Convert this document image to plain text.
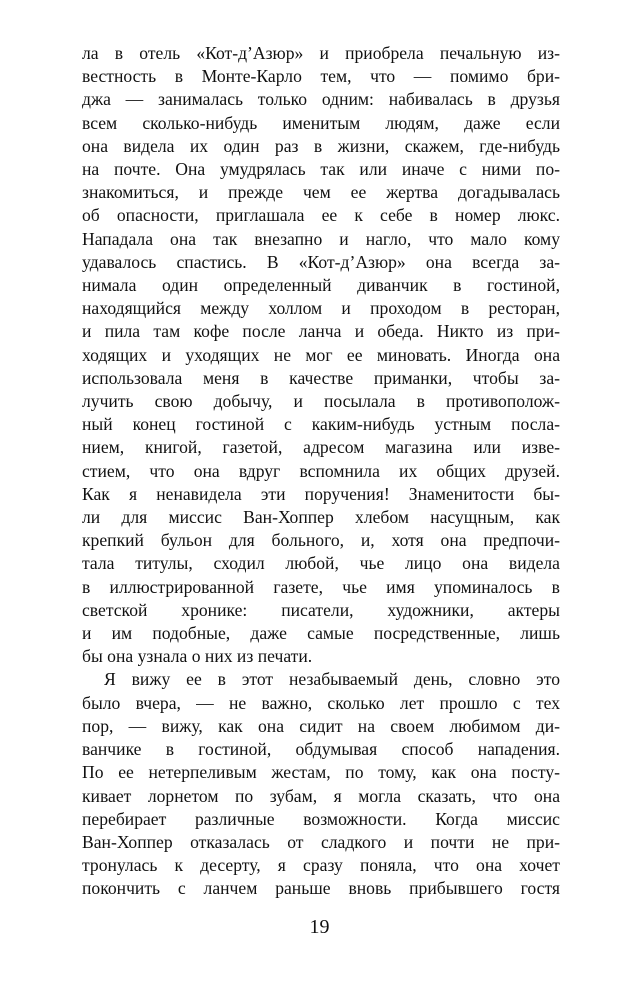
ла в отель «Кот-д’Азюр» и приобрела печальную из-
вестность в Монте-Карло тем, что — помимо бри-
джа — занималась только одним: набивалась в друзья
всем сколько-нибудь именитым людям, даже если
она видела их один раз в жизни, скажем, где-нибудь
на почте. Она умудрялась так или иначе с ними по-
знакомиться, и прежде чем ее жертва догадывалась
об опасности, приглашала ее к себе в номер люкс.
Нападала она так внезапно и нагло, что мало кому
удавалось спастись. В «Кот-д’Азюр» она всегда за-
нимала один определенный диванчик в гостиной,
находящийся между холлом и проходом в ресторан,
и пила там кофе после ланча и обеда. Никто из при-
ходящих и уходящих не мог ее миновать. Иногда она
использовала меня в качестве приманки, чтобы за-
лучить свою добычу, и посылала в противополож-
ный конец гостиной с каким-нибудь устным посла-
нием, книгой, газетой, адресом магазина или изве-
стием, что она вдруг вспомнила их общих друзей.
Как я ненавидела эти поручения! Знаменитости бы-
ли для миссис Ван-Хоппер хлебом насущным, как
крепкий бульон для больного, и, хотя она предпочи-
тала титулы, сходил любой, чье лицо она видела
в иллюстрированной газете, чье имя упоминалось в
светской хронике: писатели, художники, актеры
и им подобные, даже самые посредственные, лишь
бы она узнала о них из печати.
Я вижу ее в этот незабываемый день, словно это
было вчера, — не важно, сколько лет прошло с тех
пор, — вижу, как она сидит на своем любимом ди-
ванчике в гостиной, обдумывая способ нападения.
По ее нетерпеливым жестам, по тому, как она посту-
кивает лорнетом по зубам, я могла сказать, что она
перебирает различные возможности. Когда миссис
Ван-Хоппер отказалась от сладкого и почти не при-
тронулась к десерту, я сразу поняла, что она хочет
покончить с ланчем раньше вновь прибывшего гостя
19
